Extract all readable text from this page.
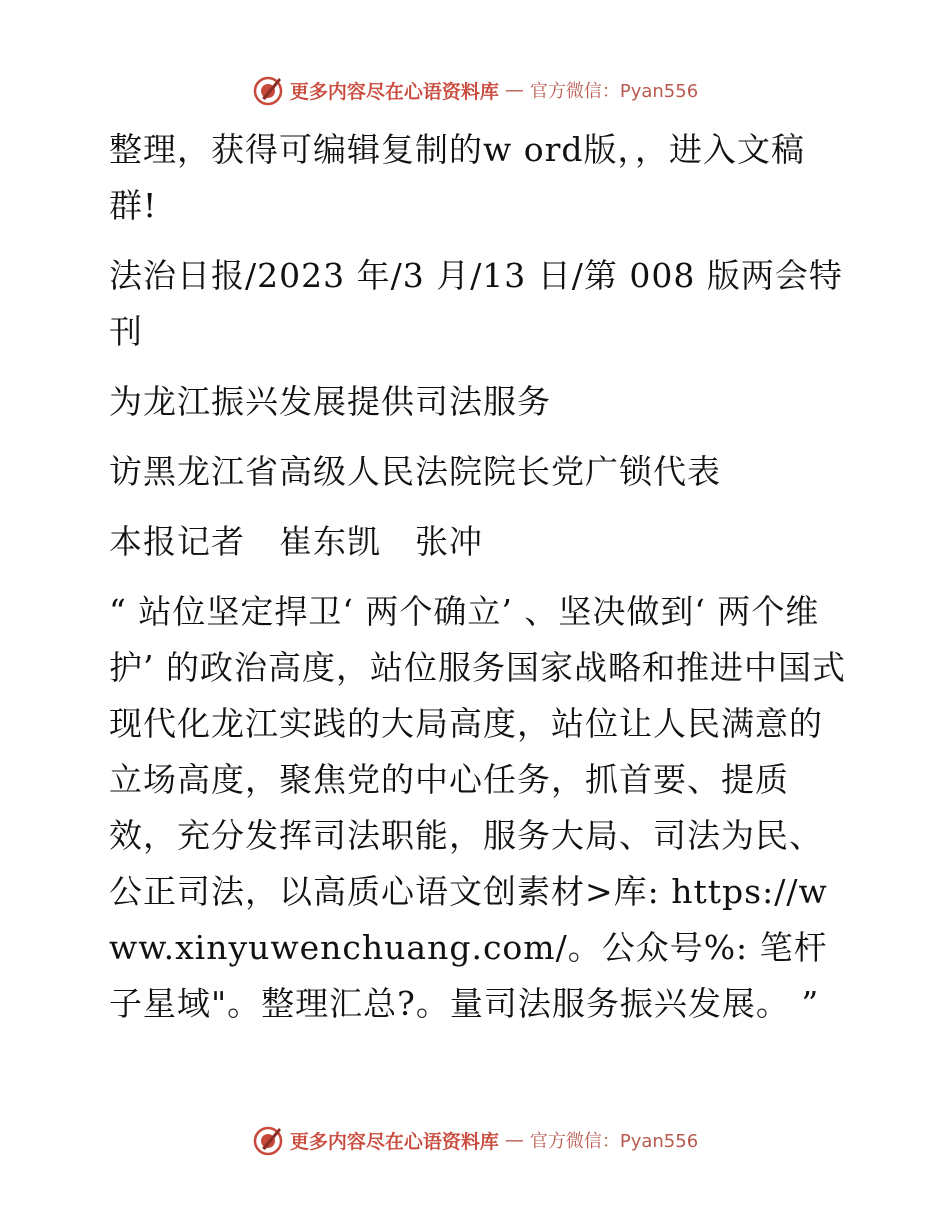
更多内容尽在心语资料库 — 官方微信：Pyan556

整理，获得可编辑复制的w ord版，，进入文稿群!

法治日报/2023 年/3 月/13 日/第 008 版两会特刊

为龙江振兴发展提供司法服务

访黑龙江省高级人民法院院长党广锁代表

本报记者　崔东凯　张冲

“ 站位坚定捍卫‘ 两个确立’ 、坚决做到‘ 两个维护’ 的政治高度，站位服务国家战略和推进中国式现代化龙江实践的大局高度，站位让人民满意的立场高度，聚焦党的中心任务，抓首要、提质效，充分发挥司法职能，服务大局、司法为民、公正司法，以高质心语文创素材>库: https://www.xinyuwenchuang.com/。公众号%: 笔杆子星域"。整理汇总?。量司法服务振兴发展。 ”

更多内容尽在心语资料库 — 官方微信：Pyan556
